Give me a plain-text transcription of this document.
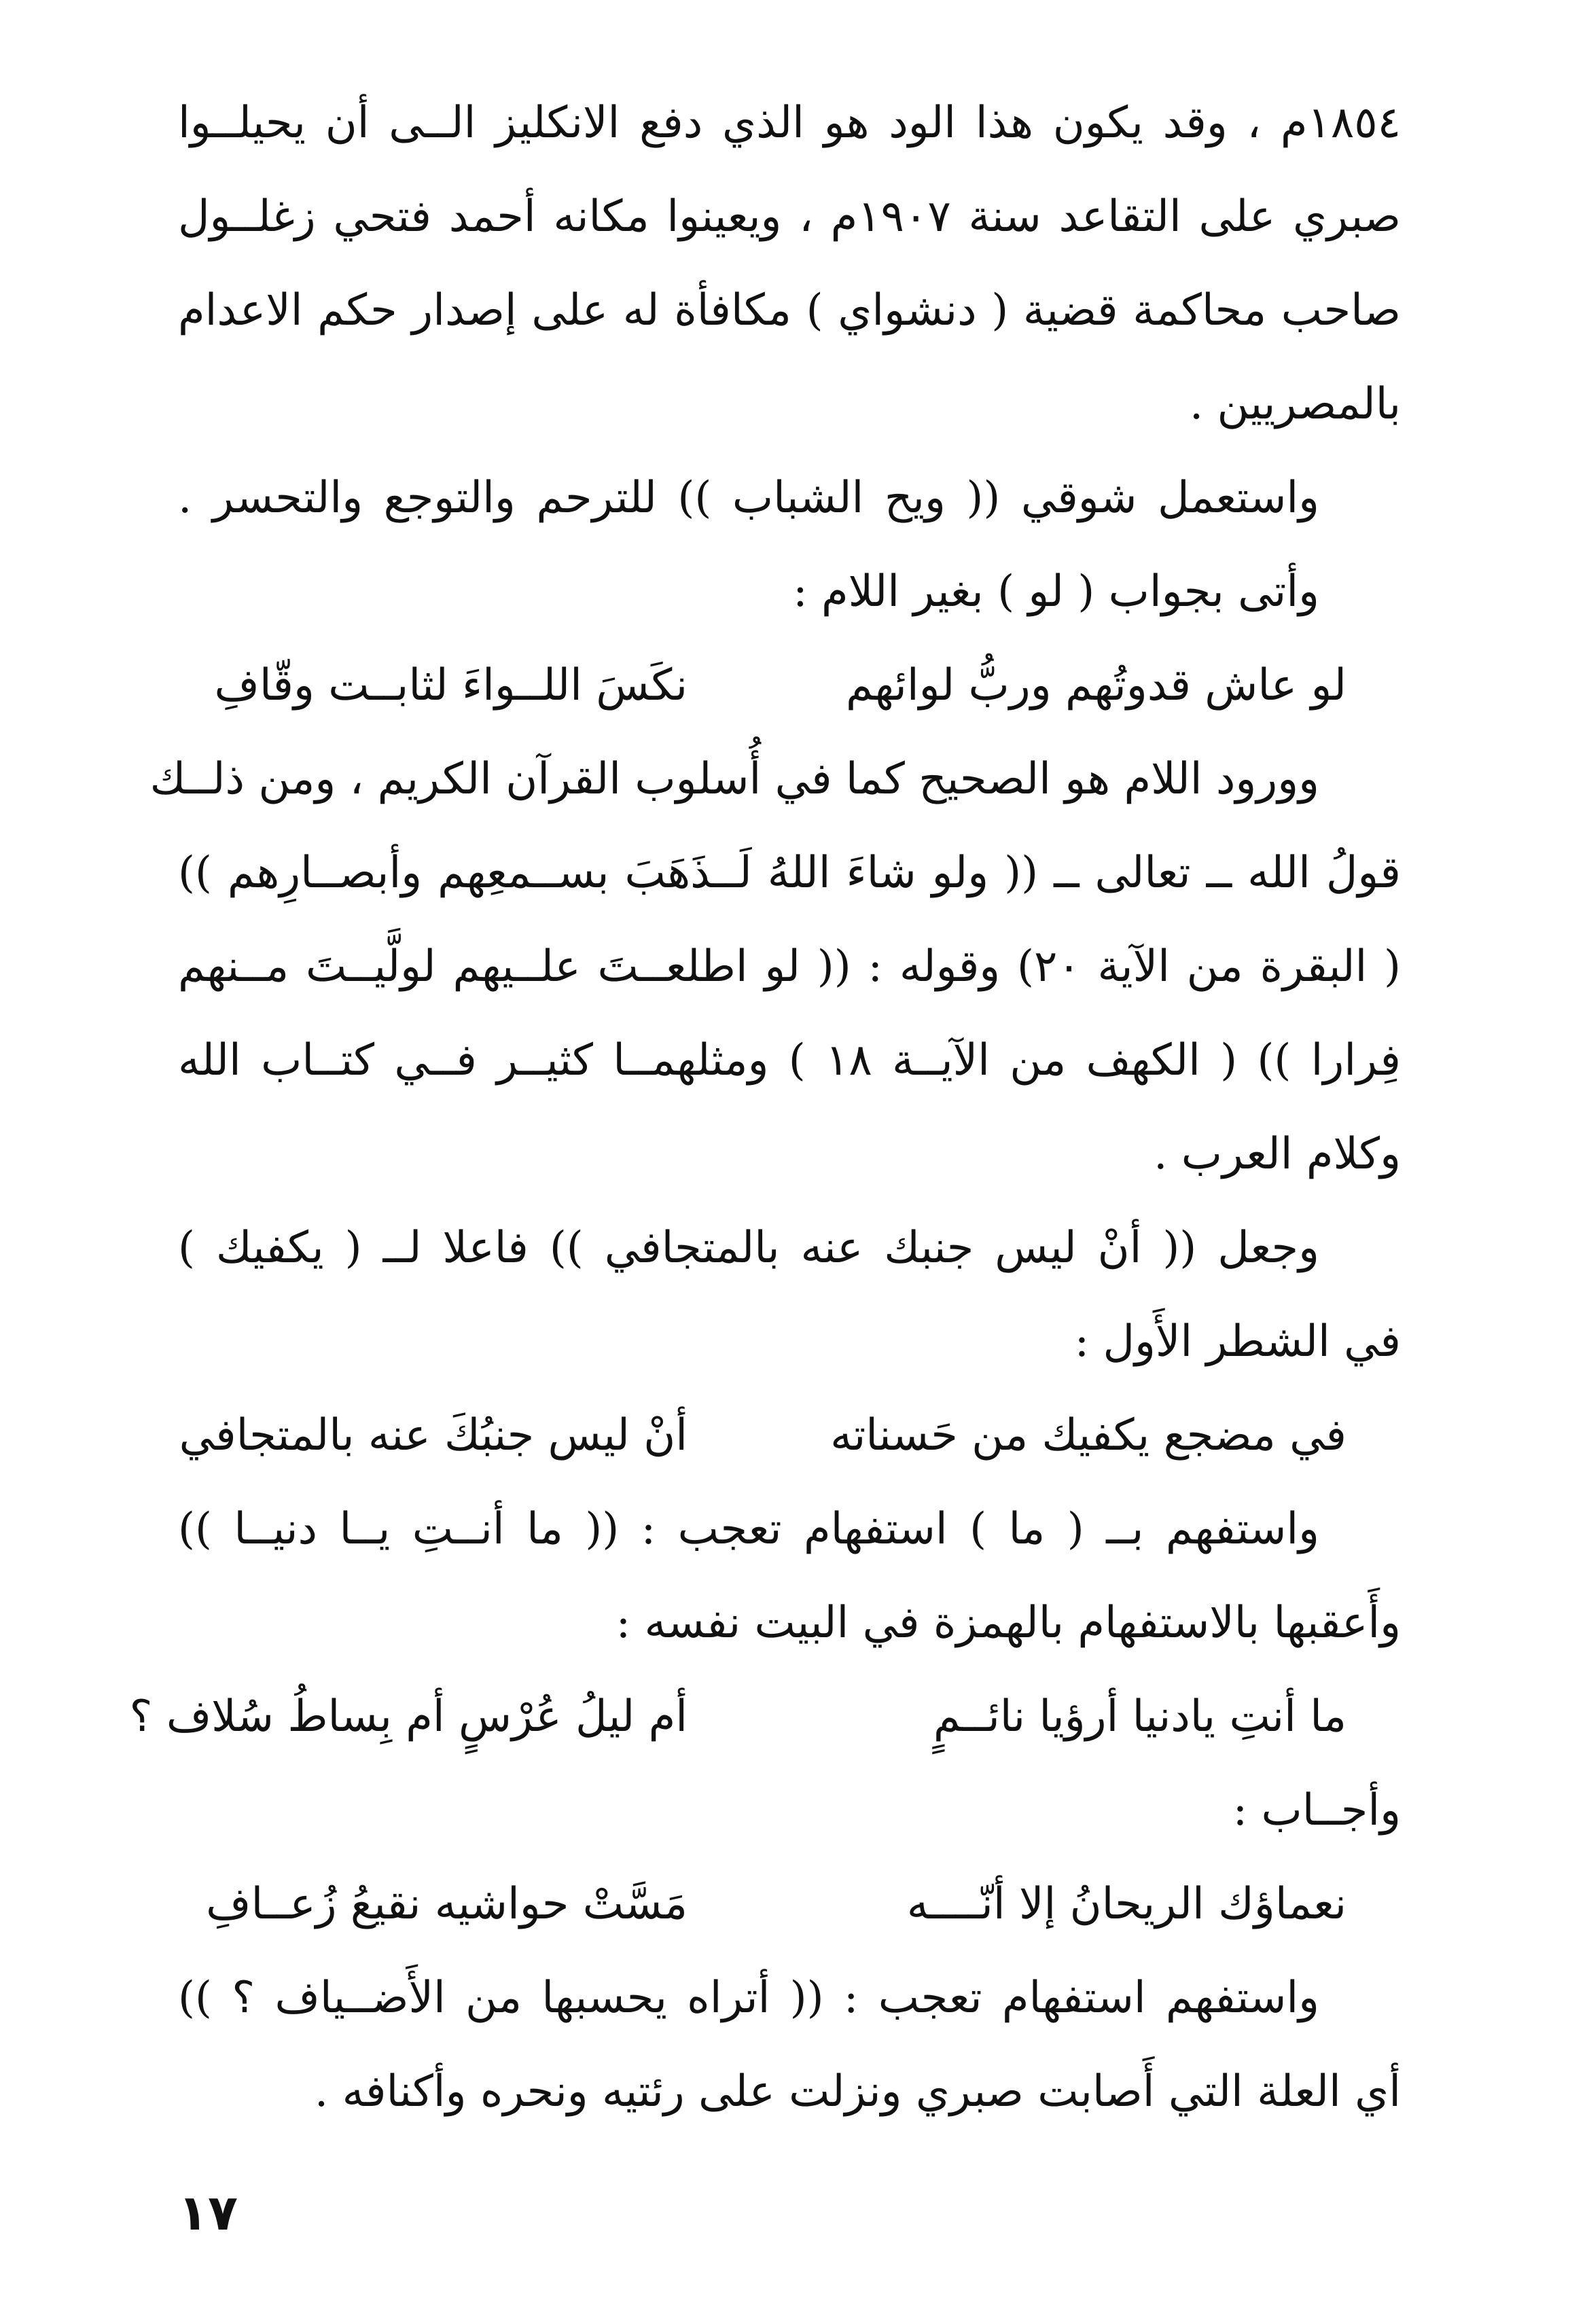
١٨٥٤م ، وقد يكون هذا الود هو الذي دفع الانكليز الــى أن يحيلــوا
صبري على التقاعد سنة ١٩٠٧م ، ويعينوا مكانه أحمد فتحي زغلــول
صاحب محاكمة قضية ( دنشواي ) مكافأة له على إصدار حكم الاعدام
بالمصريين .
واستعمل شوقي (( ويح الشباب )) للترحم والتوجع والتحسر .
وأتى بجواب ( لو ) بغير اللام :
لو عاش قدوتُهم وربُّ لوائهم
نكَسَ اللــواءَ لثابــت وقّافِ
وورود اللام هو الصحيح كما في أُسلوب القرآن الكريم ، ومن ذلــك
قولُ الله ــ تعالى ــ (( ولو شاءَ اللهُ لَــذَهَبَ بســمعِهم وأبصــارِهم ))
( البقرة من الآية ٢٠) وقوله : (( لو اطلعــتَ علــيهم لولَّيــتَ مــنهم
فِرارا )) ( الكهف من الآيــة ١٨ ) ومثلهمــا كثيــر فــي كتــاب الله
وكلام العرب .
وجعل (( أنْ ليس جنبك عنه بالمتجافي )) فاعلا لــ ( يكفيك )
في الشطر الأَول :
في مضجع يكفيك من حَسناته
أنْ ليس جنبُكَ عنه بالمتجافي
واستفهم بــ ( ما ) استفهام تعجب : (( ما أنــتِ يــا دنيــا ))
وأَعقبها بالاستفهام بالهمزة في البيت نفسه :
ما أنتِ يادنيا أرؤيا نائــمٍ
أم ليلُ عُرْسٍ أم بِساطُ سُلاف ؟
وأجــاب :
نعماؤك الريحانُ إلا أنّــــه
مَسَّتْ حواشيه نقيعُ زُعــافِ
واستفهم استفهام تعجب : (( أتراه يحسبها من الأَضــياف ؟ ))
أي العلة التي أَصابت صبري ونزلت على رئتيه ونحره وأكنافه .
١٧
